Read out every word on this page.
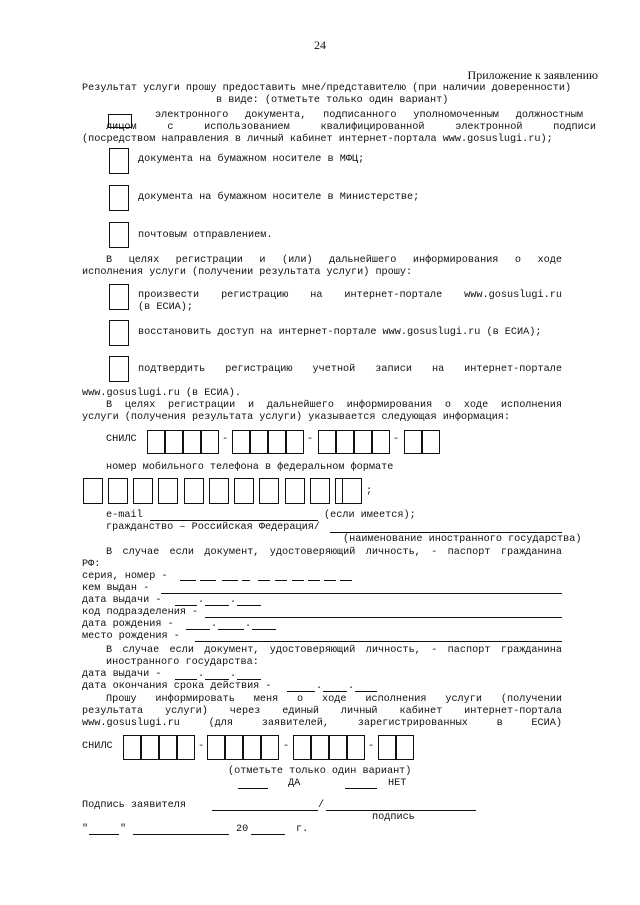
24
Приложение к заявлению
Результат услуги прошу предоставить мне/представителю (при наличии доверенности)
в виде: (отметьте только один вариант)
электронного документа, подписанного уполномоченным должностным
лицом с использованием квалифицированной электронной подписи
(посредством направления в личный кабинет интернет-портала www.gosuslugi.ru);
документа на бумажном носителе в МФЦ;
документа на бумажном носителе в Министерстве;
почтовым отправлением.
В целях регистрации и (или) дальнейшего информирования о ходе
исполнения услуги (получении результата услуги) прошу:
произвести регистрацию на интернет-портале www.gosuslugi.ru
(в ЕСИА);
восстановить доступ на интернет-портале www.gosuslugi.ru (в ЕСИА);
подтвердить регистрацию учетной записи на интернет-портале
www.gosuslugi.ru (в ЕСИА).
В целях регистрации и дальнейшего информирования о ходе исполнения
услуги (получения результата услуги) указывается следующая информация:
СНИЛС	-	-	-
номер мобильного телефона в федеральном формате
;
e-mail	(если имеется);
гражданство – Российская Федерация/
(наименование иностранного государства)
В случае если документ, удостоверяющий личность, - паспорт гражданина
РФ:
серия, номер -
кем выдан -
дата выдачи -	.	.
код подразделения -
дата рождения -	.	.
место рождения -
В случае если документ, удостоверяющий личность, - паспорт гражданина
иностранного государства:
дата выдачи -	.	.
дата окончания срока действия -	.	.
Прошу информировать меня о ходе исполнения услуги (получении
результата услуги) через единый личный кабинет интернет-портала
www.gosuslugi.ru (для заявителей, зарегистрированных в ЕСИА)
СНИЛС	-	-	-
(отметьте только один вариант)
ДА	НЕТ
Подпись заявителя	/
подпись
"	"	20	г.
